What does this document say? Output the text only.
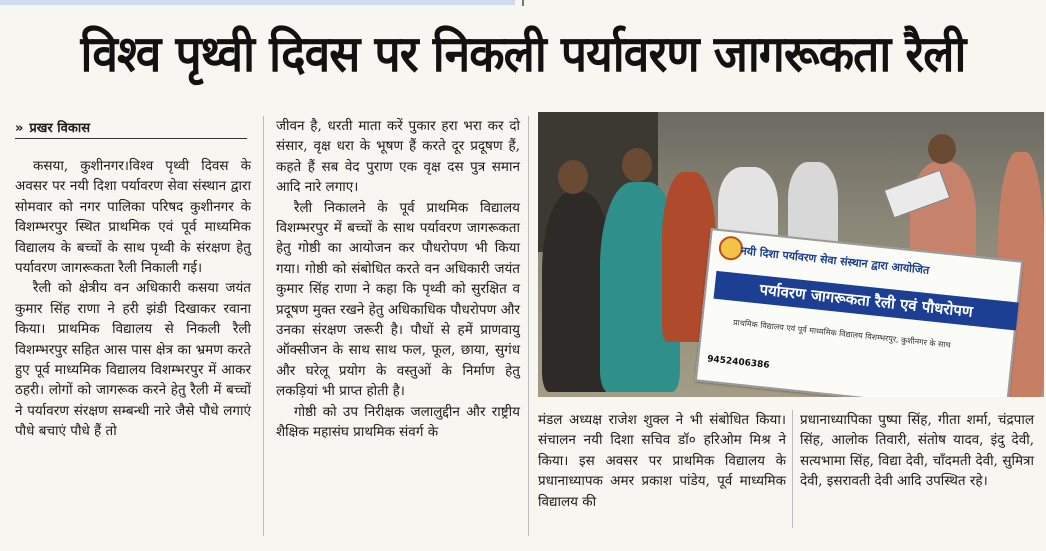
विश्व पृथ्वी दिवस पर निकली पर्यावरण जागरूकता रैली
» प्रखर विकास

कसया, कुशीनगर।विश्व पृथ्वी दिवस के अवसर पर नयी दिशा पर्यावरण सेवा संस्थान द्वारा सोमवार को नगर पालिका परिषद कुशीनगर के विशम्भरपुर स्थित प्राथमिक एवं पूर्व माध्यमिक विद्यालय के बच्चों के साथ पृथ्वी के संरक्षण हेतु पर्यावरण जागरूकता रैली निकाली गई।

रैली को क्षेत्रीय वन अधिकारी कसया जयंत कुमार सिंह राणा ने हरी झंडी दिखाकर रवाना किया। प्राथमिक विद्यालय से निकली रैली विशम्भरपुर सहित आस पास क्षेत्र का भ्रमण करते हुए पूर्व माध्यमिक विद्यालय विशम्भरपुर में आकर ठहरी। लोगों को जागरूक करने हेतु रैली में बच्चों ने पर्यावरण संरक्षण सम्बन्धी नारे जैसे पौधे लगाएं पौधे बचाएं पौधे हैं तो

जीवन है, धरती माता करें पुकार हरा भरा कर दो संसार, वृक्ष धरा के भूषण हैं करते दूर प्रदूषण हैं, कहते हैं सब वेद पुराण एक वृक्ष दस पुत्र समान आदि नारे लगाए।

रैली निकालने के पूर्व प्राथमिक विद्यालय विशम्भरपुर में बच्चों के साथ पर्यावरण जागरूकता हेतु गोष्ठी का आयोजन कर पौधरोपण भी किया गया। गोष्ठी को संबोधित करते वन अधिकारी जयंत कुमार सिंह राणा ने कहा कि पृथ्वी को सुरक्षित व प्रदूषण मुक्त रखने हेतु अधिकाधिक पौधरोपण और उनका संरक्षण जरूरी है। पौधों से हमें प्राणवायु ऑक्सीजन के साथ साथ फल, फूल, छाया, सुगंध और घरेलू प्रयोग के वस्तुओं के निर्माण हेतु लकड़ियां भी प्राप्त होती है।

गोष्ठी को उप निरीक्षक जलालुद्दीन और राष्ट्रीय शैक्षिक महासंघ प्राथमिक संवर्ग के

नयी दिशा पर्यावरण सेवा संस्थान द्वारा आयोजित
पर्यावरण जागरूकता रैली एवं पौधरोपण
प्राथमिक विद्यालय एवं पूर्व माध्यमिक विद्यालय विशम्भरपुर, कुशीनगर के साथ
9452406386

मंडल अध्यक्ष राजेश शुक्ल ने भी संबोधित किया। संचालन नयी दिशा सचिव डॉ० हरिओम मिश्र ने किया। इस अवसर पर प्राथमिक विद्यालय के प्रधानाध्यापक अमर प्रकाश पांडेय, पूर्व माध्यमिक विद्यालय की

प्रधानाध्यापिका पुष्पा सिंह, गीता शर्मा, चंद्रपाल सिंह, आलोक तिवारी, संतोष यादव, इंदु देवी, सत्यभामा सिंह, विद्या देवी, चाँदमती देवी, सुमित्रा देवी, इसरावती देवी आदि उपस्थित रहे।
